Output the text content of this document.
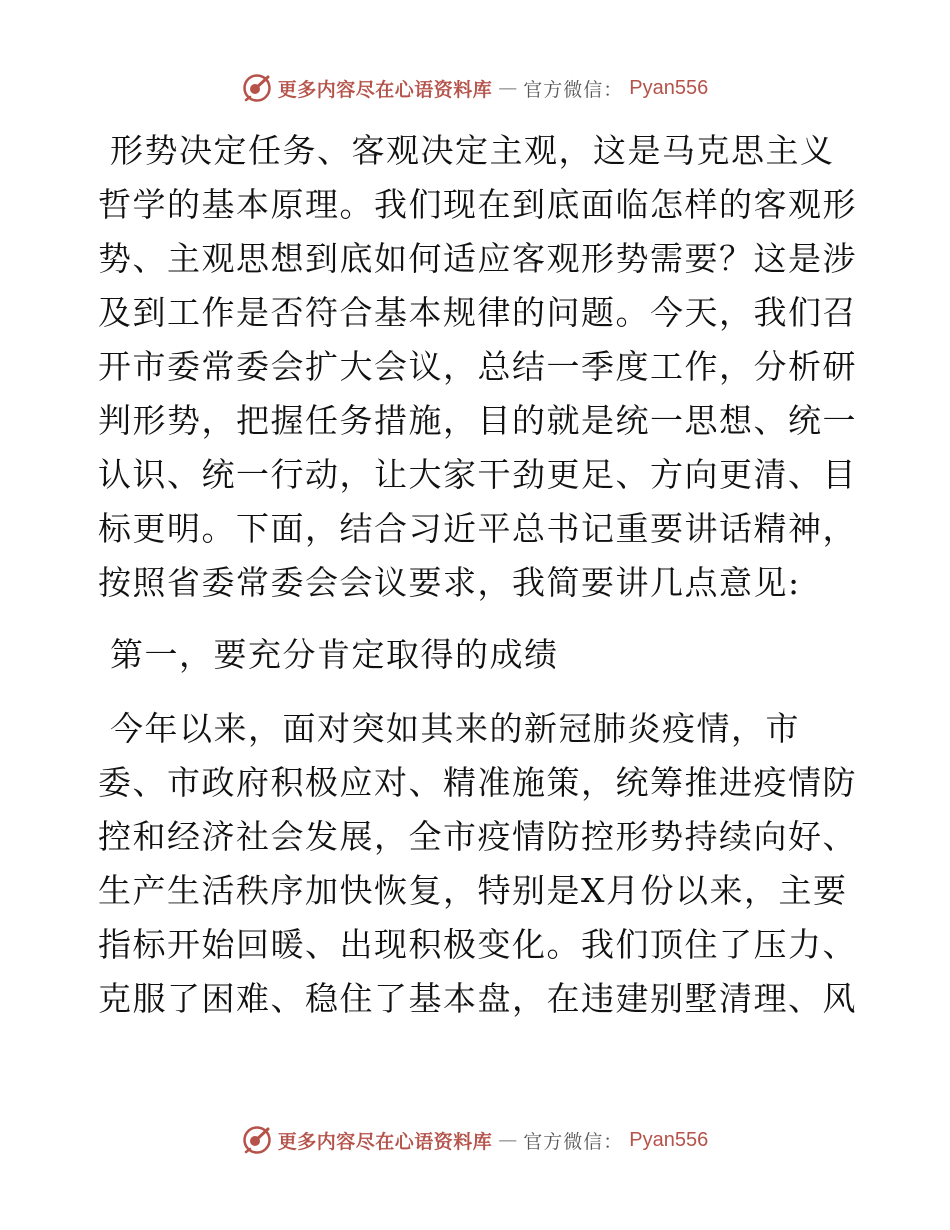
更多内容尽在心语资料库 — 官方微信： Pyan556

形势决定任务、客观决定主观，这是马克思主义

哲学的基本原理。我们现在到底面临怎样的客观形

势、主观思想到底如何适应客观形势需要？这是涉

及到工作是否符合基本规律的问题。今天，我们召

开市委常委会扩大会议，总结一季度工作，分析研

判形势，把握任务措施，目的就是统一思想、统一

认识、统一行动，让大家干劲更足、方向更清、目

标更明。下面，结合习近平总书记重要讲话精神，

按照省委常委会会议要求，我简要讲几点意见:

第一，要充分肯定取得的成绩

今年以来，面对突如其来的新冠肺炎疫情，市

委、市政府积极应对、精准施策，统筹推进疫情防

控和经济社会发展，全市疫情防控形势持续向好、

生产生活秩序加快恢复，特别是X月份以来，主要

指标开始回暖、出现积极变化。我们顶住了压力、

克服了困难、稳住了基本盘，在违建别墅清理、风

更多内容尽在心语资料库 — 官方微信： Pyan556
